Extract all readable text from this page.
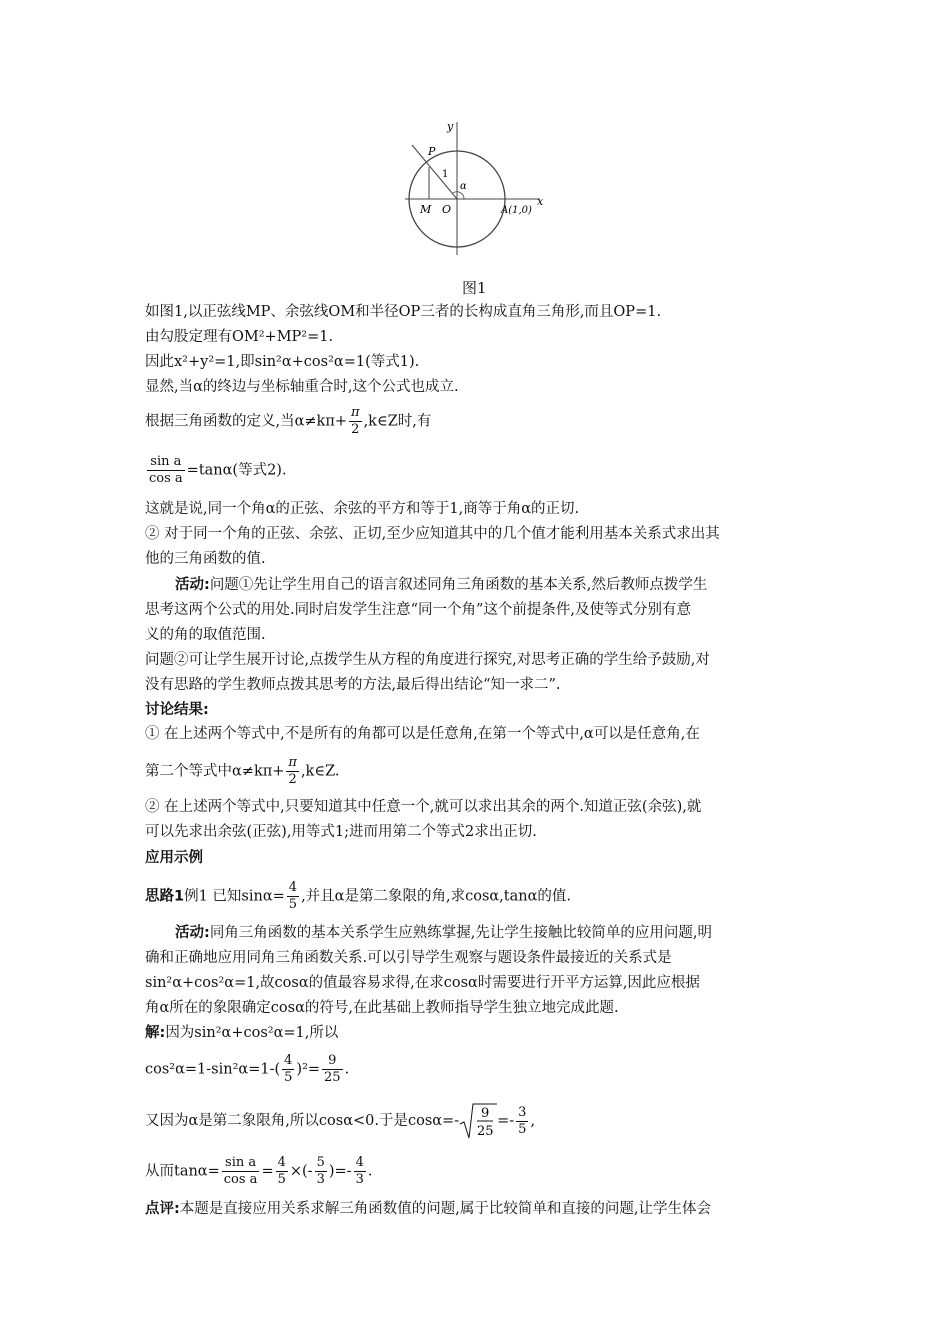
y
x
P
1
α
M O	A(1,0)
图1
如图1,以正弦线MP、余弦线OM和半径OP三者的长构成直角三角形,而且OP=1.
由勾股定理有OM²+MP²=1.
因此x²+y²=1,即sin²α+cos²α=1(等式1).
显然,当α的终边与坐标轴重合时,这个公式也成立.
根据三角函数的定义,当$\alpha\ne k\pi+ \frac{\pi}{2}$ ,k∈Z时,有
$\frac{\text{sin a}}{\text{cos a}} =\tan\alpha$(等式2).
这就是说,同一个角α的正弦、余弦的平方和等于1,商等于角α的正切.
② 对于同一个角的正弦、余弦、正切,至少应知道其中的几个值才能利用基本关系式求出其
他的三角函数的值.
活动:问题①先让学生用自己的语言叙述同角三角函数的基本关系,然后教师点拨学生
思考这两个公式的用处.同时启发学生注意“同一个角”这个前提条件,及使等式分别有意
义的角的取值范围.
问题②可让学生展开讨论,点拨学生从方程的角度进行探究,对思考正确的学生给予鼓励,对
没有思路的学生教师点拨其思考的方法,最后得出结论“知一求二”.
讨论结果:
① 在上述两个等式中,不是所有的角都可以是任意角,在第一个等式中,α可以是任意角,在
第二个等式中$\alpha\ne k\pi+ \frac{\pi}{2}$ ,k∈Z.
② 在上述两个等式中,只要知道其中任意一个,就可以求出其余的两个.知道正弦(余弦),就
可以先求出余弦(正弦),用等式1;进而用第二个等式2求出正切.
应用示例
思路1例1 已知$\sin\alpha= \frac{4}{5}$ ,并且α是第二象限的角,求cosα,tanα的值.
活动:同角三角函数的基本关系学生应熟练掌握,先让学生接触比较简单的应用问题,明
确和正确地应用同角三角函数关系.可以引导学生观察与题设条件最接近的关系式是
sin²α+cos²α=1,故cosα的值最容易求得,在求cosα时需要进行开平方运算,因此应根据
角α所在的象限确定cosα的符号,在此基础上教师指导学生独立地完成此题.
解:因为sin²α+cos²α=1,所以
$\cos^2\alpha=1-\sin^2\alpha=1-( \frac{4}{5} )^2= \frac{9}{25}$ .
又因为α是第二象限角,所以cosα<0.于是cosα=- 9
25
=- $\frac{3}{5}$ ,
从而$\tan\alpha= \frac{\text{sin a}}{\text{cos a}} = \frac{4}{5}$ ×(- $\frac{5}{3}$ )=- $\frac{4}{3}$ .
点评:本题是直接应用关系求解三角函数值的问题,属于比较简单和直接的问题,让学生体会
